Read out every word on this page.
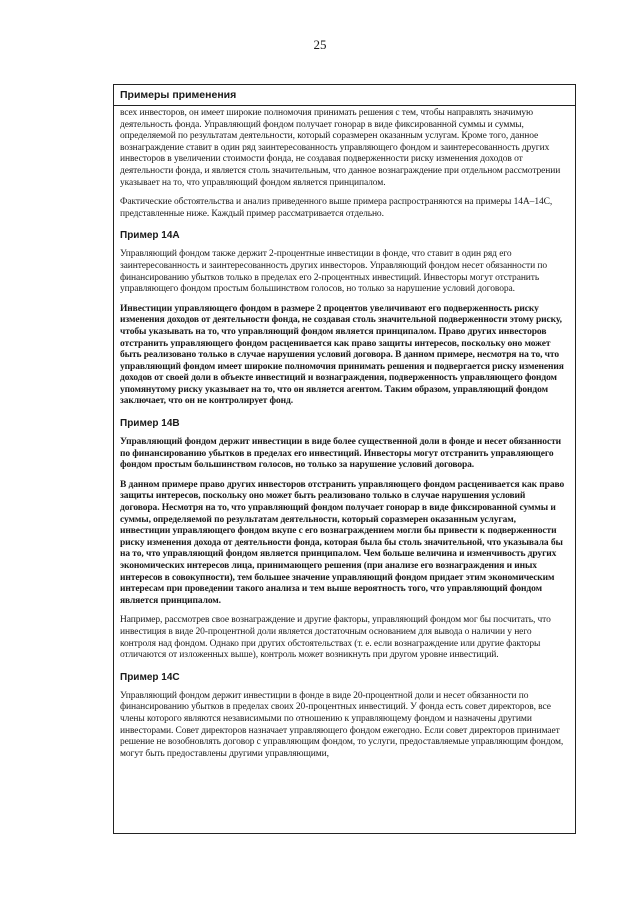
25
Примеры применения

всех инвесторов, он имеет широкие полномочия принимать решения с тем, чтобы направлять значимую деятельность фонда. Управляющий фондом получает гонорар в виде фиксированной суммы и суммы, определяемой по результатам деятельности, который соразмерен оказанным услугам. Кроме того, данное вознаграждение ставит в один ряд заинтересованность управляющего фондом и заинтересованность других инвесторов в увеличении стоимости фонда, не создавая подверженности риску изменения доходов от деятельности фонда, и является столь значительным, что данное вознаграждение при отдельном рассмотрении указывает на то, что управляющий фондом является принципалом.

Фактические обстоятельства и анализ приведенного выше примера распространяются на примеры 14А–14С, представленные ниже. Каждый пример рассматривается отдельно.

Пример 14А

Управляющий фондом также держит 2-процентные инвестиции в фонде, что ставит в один ряд его заинтересованность и заинтересованность других инвесторов. Управляющий фондом несет обязанности по финансированию убытков только в пределах его 2-процентных инвестиций. Инвесторы могут отстранить управляющего фондом простым большинством голосов, но только за нарушение условий договора.

Инвестиции управляющего фондом в размере 2 процентов увеличивают его подверженность риску изменения доходов от деятельности фонда, не создавая столь значительной подверженности этому риску, чтобы указывать на то, что управляющий фондом является принципалом. Право других инвесторов отстранить управляющего фондом расценивается как право защиты интересов, поскольку оно может быть реализовано только в случае нарушения условий договора. В данном примере, несмотря на то, что управляющий фондом имеет широкие полномочия принимать решения и подвергается риску изменения доходов от своей доли в объекте инвестиций и вознаграждения, подверженность управляющего фондом упомянутому риску указывает на то, что он является агентом. Таким образом, управляющий фондом заключает, что он не контролирует фонд.

Пример 14В

Управляющий фондом держит инвестиции в виде более существенной доли в фонде и несет обязанности по финансированию убытков в пределах его инвестиций. Инвесторы могут отстранить управляющего фондом простым большинством голосов, но только за нарушение условий договора.

В данном примере право других инвесторов отстранить управляющего фондом расценивается как право защиты интересов, поскольку оно может быть реализовано только в случае нарушения условий договора. Несмотря на то, что управляющий фондом получает гонорар в виде фиксированной суммы и суммы, определяемой по результатам деятельности, который соразмерен оказанным услугам, инвестиции управляющего фондом вкупе с его вознаграждением могли бы привести к подверженности риску изменения дохода от деятельности фонда, которая была бы столь значительной, что указывала бы на то, что управляющий фондом является принципалом. Чем больше величина и изменчивость других экономических интересов лица, принимающего решения (при анализе его вознаграждения и иных интересов в совокупности), тем большее значение управляющий фондом придает этим экономическим интересам при проведении такого анализа и тем выше вероятность того, что управляющий фондом является принципалом.

Например, рассмотрев свое вознаграждение и другие факторы, управляющий фондом мог бы посчитать, что инвестиция в виде 20-процентной доли является достаточным основанием для вывода о наличии у него контроля над фондом. Однако при других обстоятельствах (т. е. если вознаграждение или другие факторы отличаются от изложенных выше), контроль может возникнуть при другом уровне инвестиций.

Пример 14С

Управляющий фондом держит инвестиции в фонде в виде 20-процентной доли и несет обязанности по финансированию убытков в пределах своих 20-процентных инвестиций. У фонда есть совет директоров, все члены которого являются независимыми по отношению к управляющему фондом и назначены другими инвесторами. Совет директоров назначает управляющего фондом ежегодно. Если совет директоров принимает решение не возобновлять договор с управляющим фондом, то услуги, предоставляемые управляющим фондом, могут быть предоставлены другими управляющими,
